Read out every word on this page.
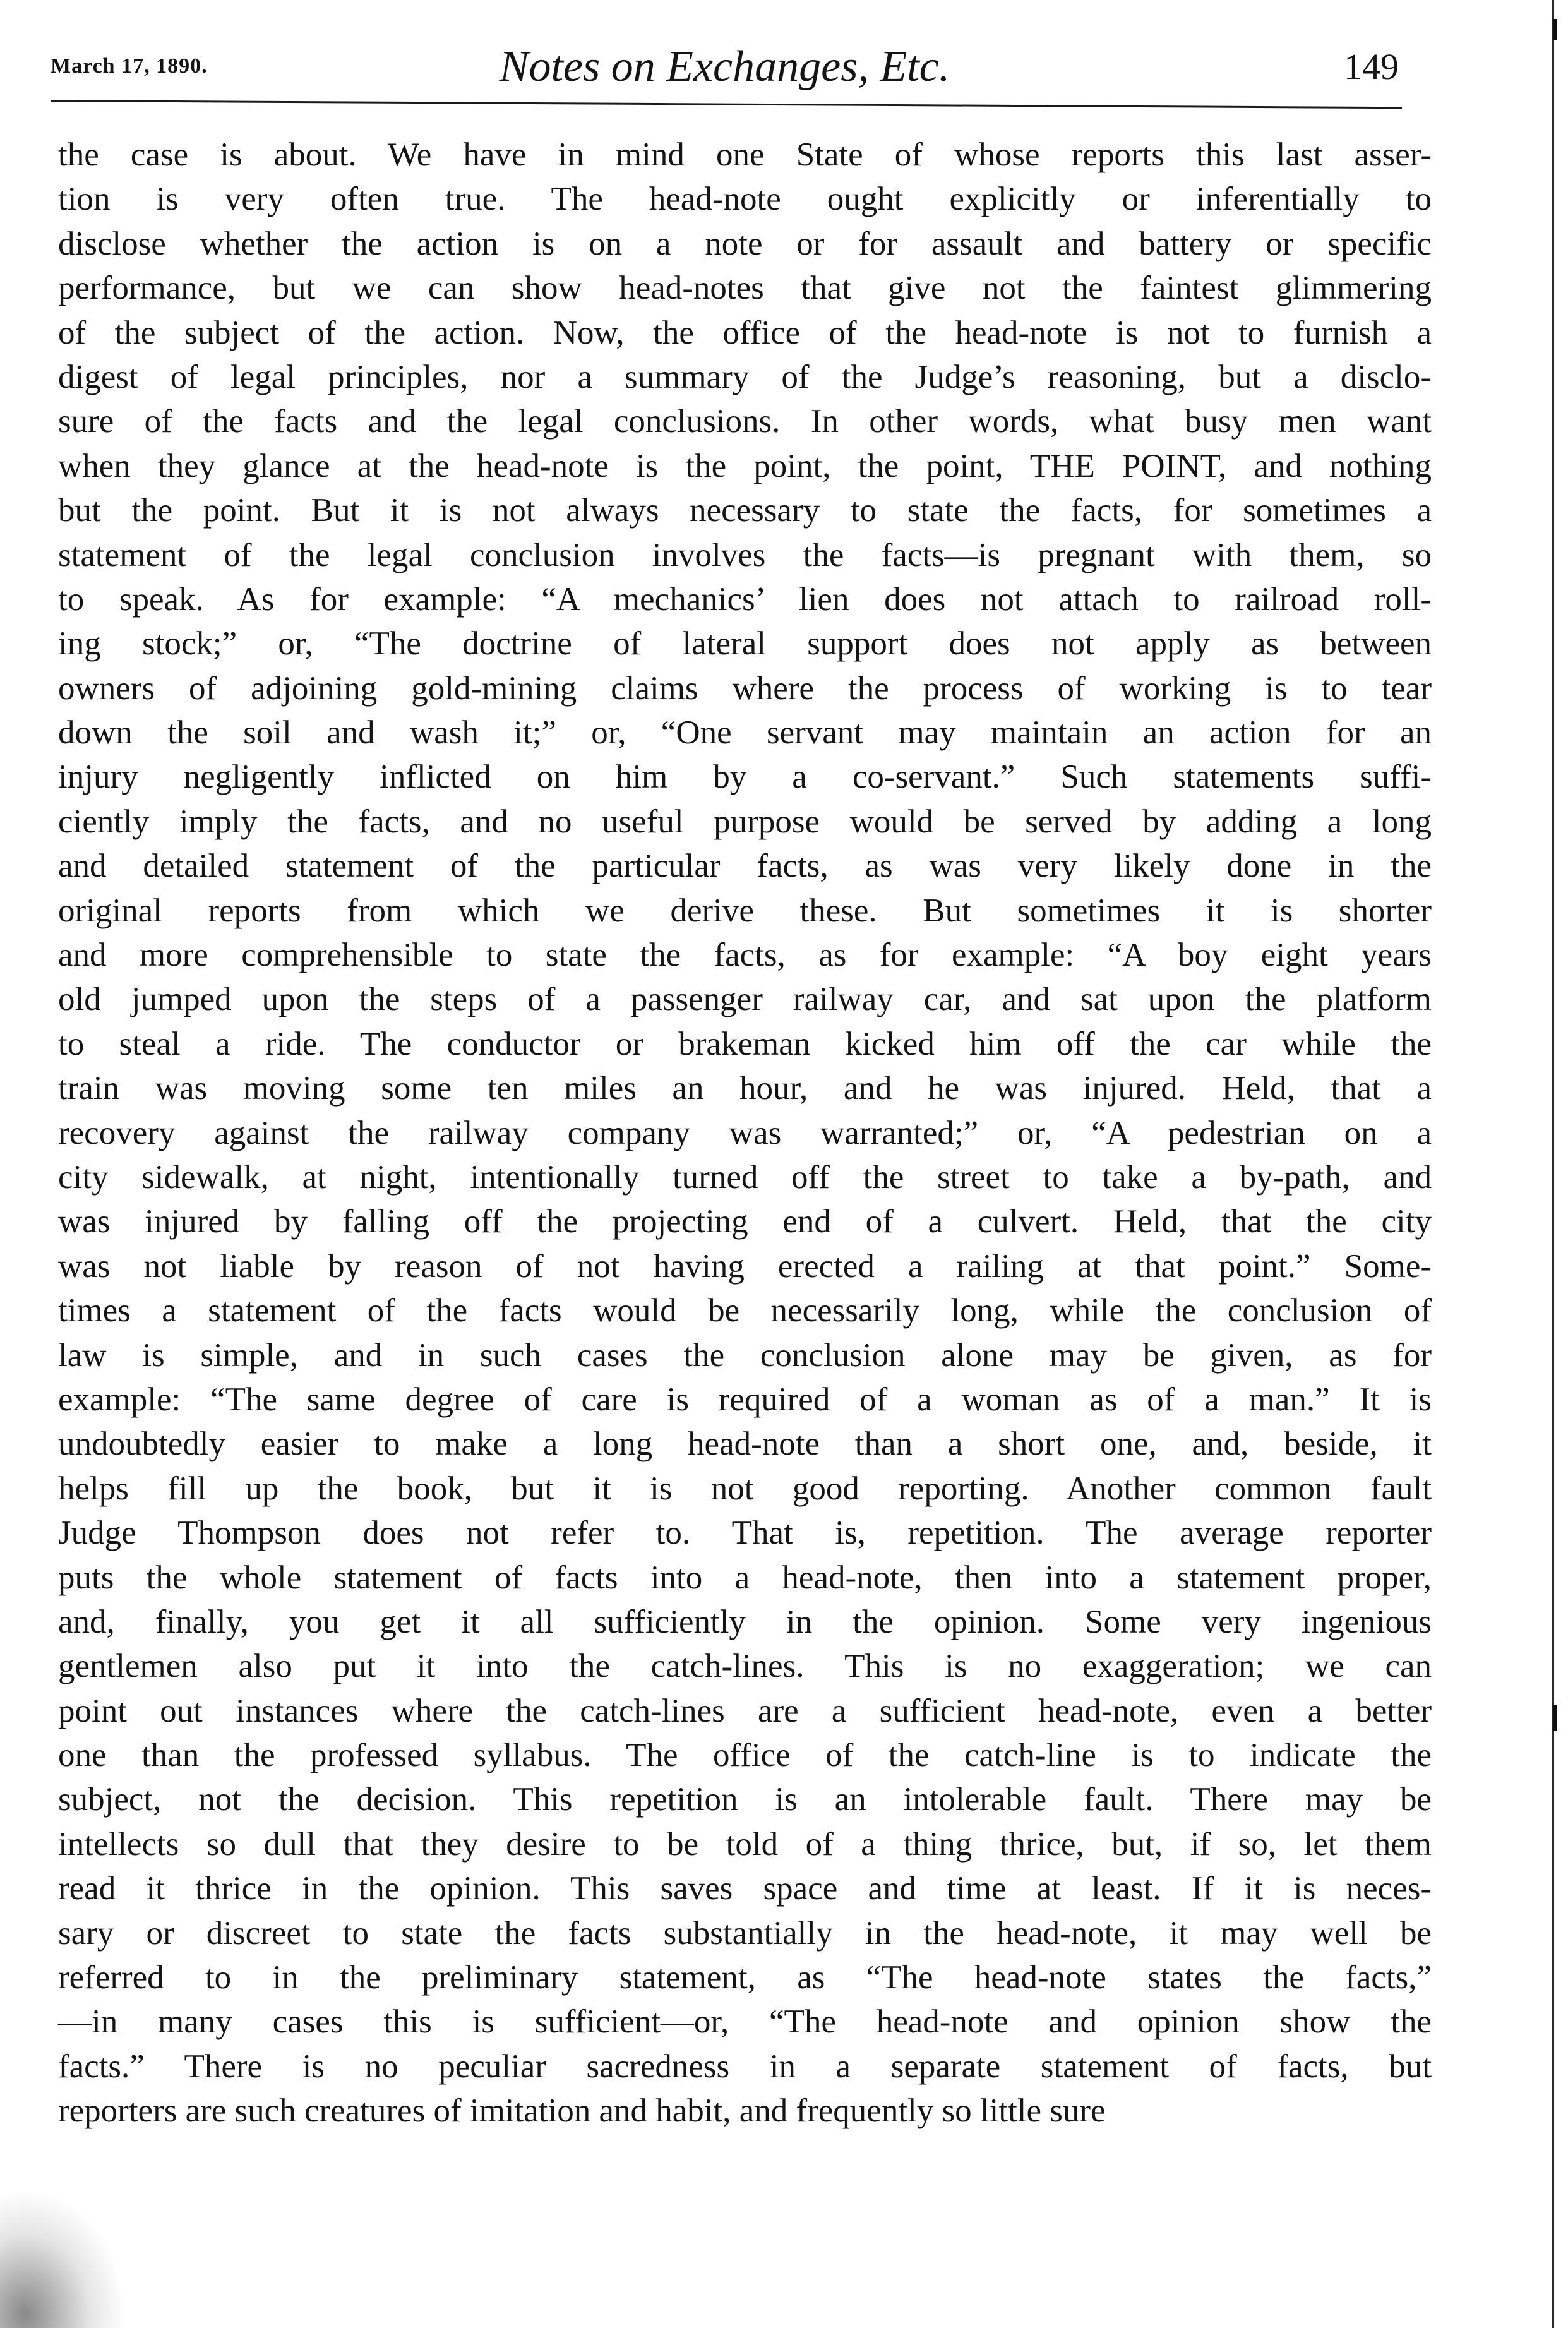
March 17, 1890.	Notes on Exchanges, Etc.	149
the case is about. We have in mind one State of whose reports this last asser-
tion is very often true. The head-note ought explicitly or inferentially to
disclose whether the action is on a note or for assault and battery or specific
performance, but we can show head-notes that give not the faintest glimmering
of the subject of the action. Now, the office of the head-note is not to furnish a
digest of legal principles, nor a summary of the Judge’s reasoning, but a disclo-
sure of the facts and the legal conclusions. In other words, what busy men want
when they glance at the head-note is the point, the point, THE POINT, and nothing
but the point. But it is not always necessary to state the facts, for sometimes a
statement of the legal conclusion involves the facts—is pregnant with them, so
to speak. As for example: “A mechanics’ lien does not attach to railroad roll-
ing stock;” or, “The doctrine of lateral support does not apply as between
owners of adjoining gold-mining claims where the process of working is to tear
down the soil and wash it;” or, “One servant may maintain an action for an
injury negligently inflicted on him by a co-servant.” Such statements suffi-
ciently imply the facts, and no useful purpose would be served by adding a long
and detailed statement of the particular facts, as was very likely done in the
original reports from which we derive these. But sometimes it is shorter
and more comprehensible to state the facts, as for example: “A boy eight years
old jumped upon the steps of a passenger railway car, and sat upon the platform
to steal a ride. The conductor or brakeman kicked him off the car while the
train was moving some ten miles an hour, and he was injured. Held, that a
recovery against the railway company was warranted;” or, “A pedestrian on a
city sidewalk, at night, intentionally turned off the street to take a by-path, and
was injured by falling off the projecting end of a culvert. Held, that the city
was not liable by reason of not having erected a railing at that point.” Some-
times a statement of the facts would be necessarily long, while the conclusion of
law is simple, and in such cases the conclusion alone may be given, as for
example: “The same degree of care is required of a woman as of a man.” It is
undoubtedly easier to make a long head-note than a short one, and, beside, it
helps fill up the book, but it is not good reporting. Another common fault
Judge Thompson does not refer to. That is, repetition. The average reporter
puts the whole statement of facts into a head-note, then into a statement proper,
and, finally, you get it all sufficiently in the opinion. Some very ingenious
gentlemen also put it into the catch-lines. This is no exaggeration; we can
point out instances where the catch-lines are a sufficient head-note, even a better
one than the professed syllabus. The office of the catch-line is to indicate the
subject, not the decision. This repetition is an intolerable fault. There may be
intellects so dull that they desire to be told of a thing thrice, but, if so, let them
read it thrice in the opinion. This saves space and time at least. If it is neces-
sary or discreet to state the facts substantially in the head-note, it may well be
referred to in the preliminary statement, as “The head-note states the facts,”
—in many cases this is sufficient—or, “The head-note and opinion show the
facts.” There is no peculiar sacredness in a separate statement of facts, but
reporters are such creatures of imitation and habit, and frequently so little sure
